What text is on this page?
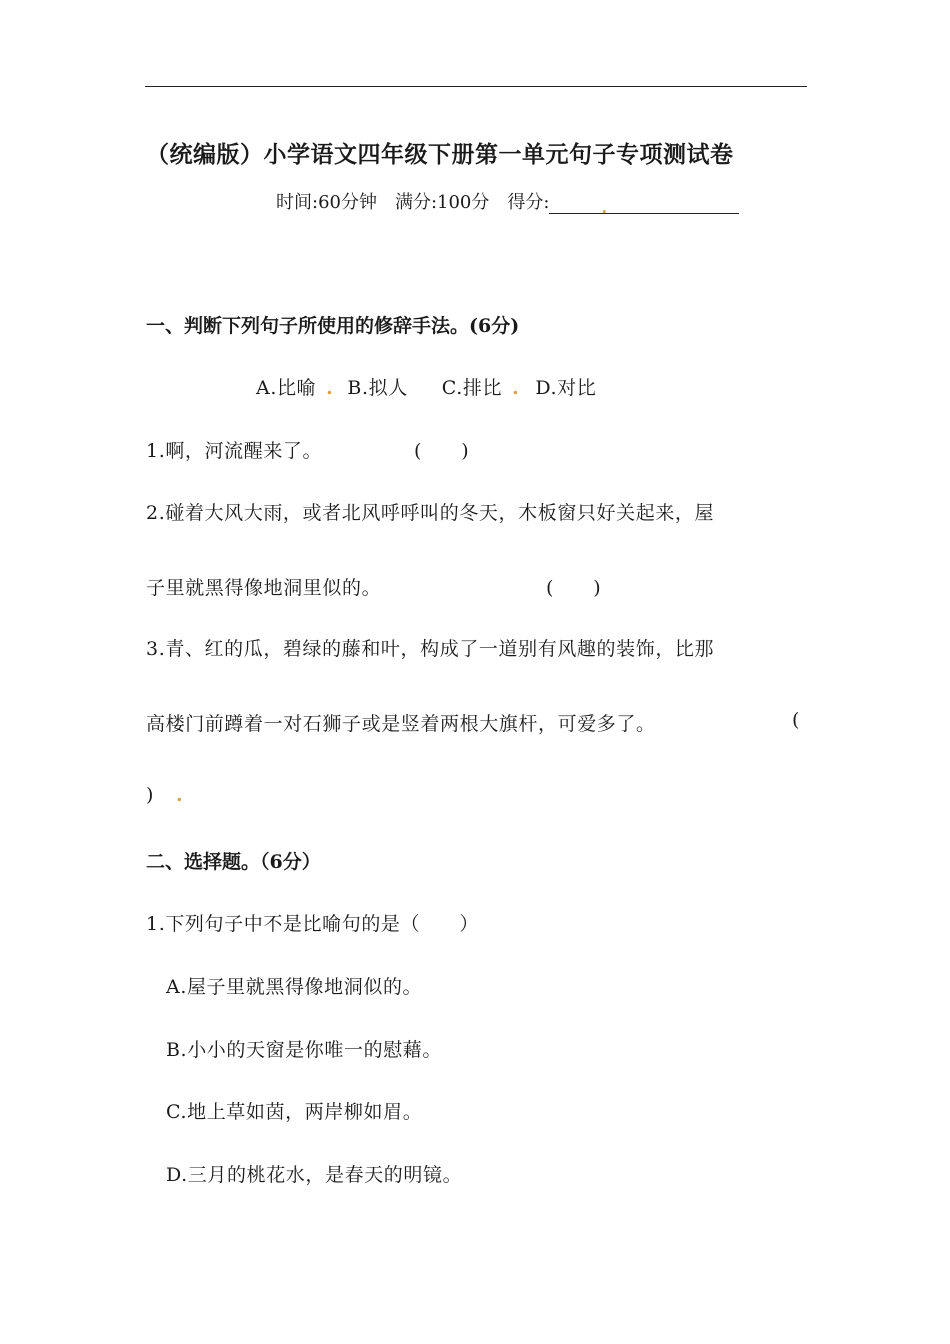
（统编版）小学语文四年级下册第一单元句子专项测试卷
时间:60分钟　满分:100分　得分:	.
一、判断下列句子所使用的修辞手法。(6分)
A.比喻 . B.拟人 C.排比 . D.对比
1.啊，河流醒来了。	(　　)
2.碰着大风大雨，或者北风呼呼叫的冬天，木板窗只好关起来，屋
子里就黑得像地洞里似的。	(　　)
3.青、红的瓜，碧绿的藤和叶，构成了一道别有风趣的装饰，比那
高楼门前蹲着一对石狮子或是竖着两根大旗杆，可爱多了。	(
) .
二、选择题。（6分）
1.下列句子中不是比喻句的是（　　）
A.屋子里就黑得像地洞似的。
B.小小的天窗是你唯一的慰藉。
C.地上草如茵，两岸柳如眉。
D.三月的桃花水，是春天的明镜。
